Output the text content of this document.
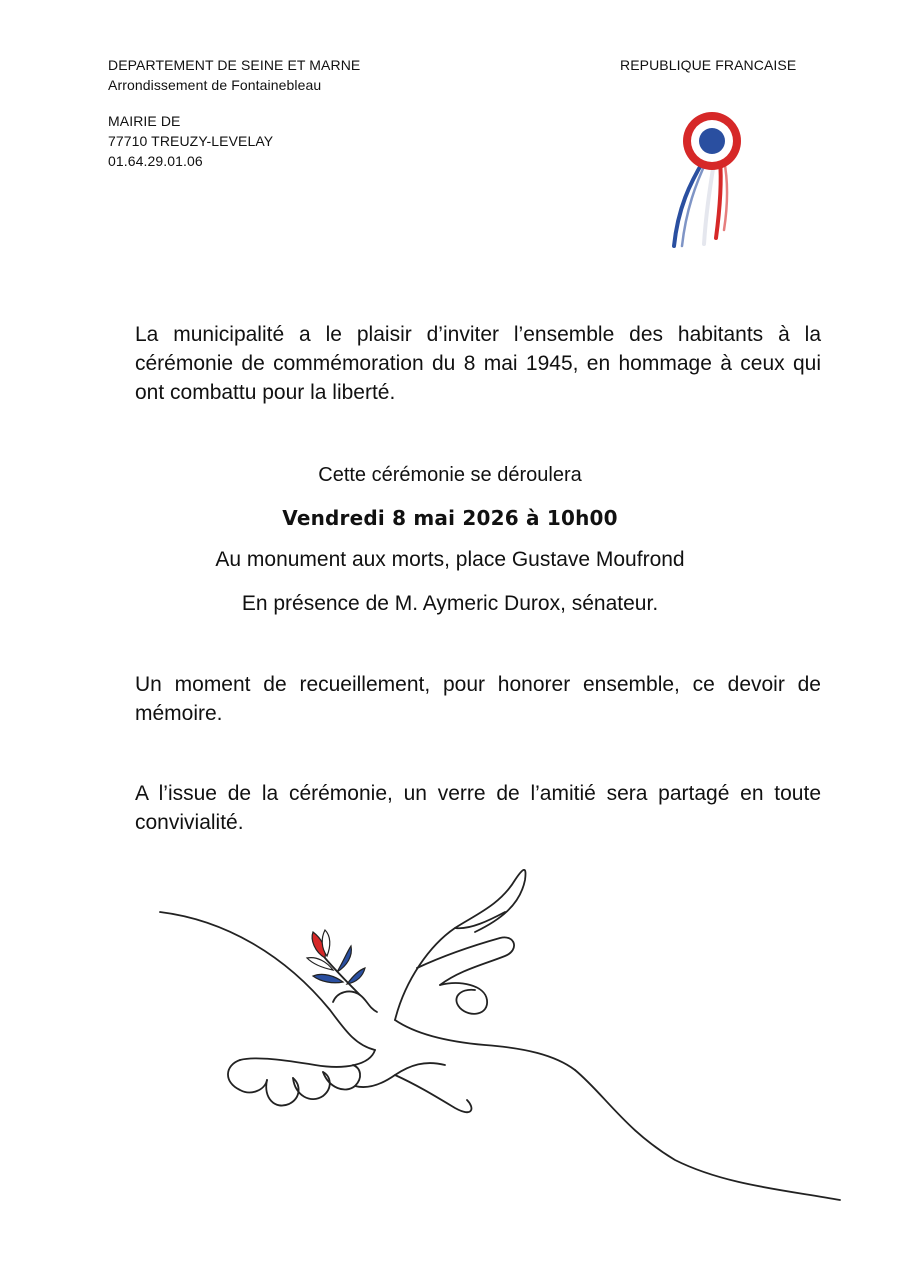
DEPARTEMENT DE SEINE ET MARNE
Arrondissement de Fontainebleau
MAIRIE DE
77710 TREUZY-LEVELAY
01.64.29.01.06
REPUBLIQUE FRANCAISE
La municipalité a le plaisir d’inviter l’ensemble des habitants à la cérémonie de commémoration du 8 mai 1945, en hommage à ceux qui ont combattu pour la liberté.
Cette cérémonie se déroulera
Vendredi 8 mai 2026 à 10h00
Au monument aux morts, place Gustave Moufrond
En présence de M. Aymeric Durox, sénateur.
Un moment de recueillement, pour honorer ensemble, ce devoir de mémoire.
A l’issue de la cérémonie, un verre de l’amitié sera partagé en toute convivialité.
